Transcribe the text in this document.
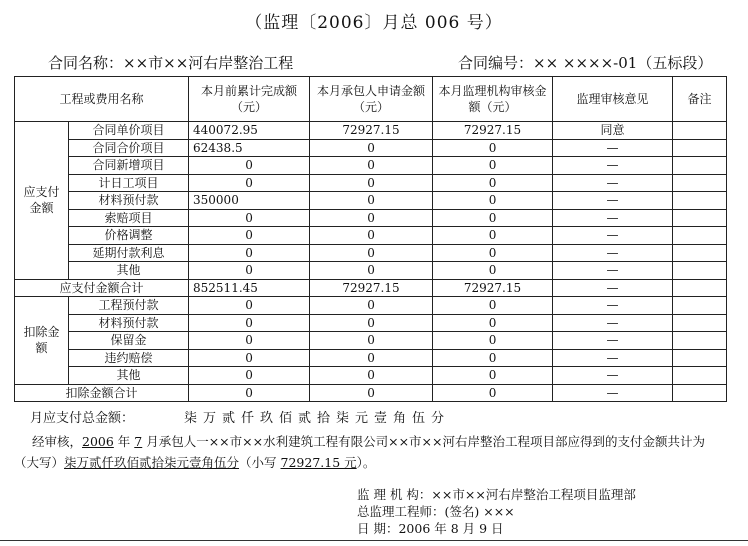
（监理〔2006〕月总 006 号）
合同名称：××市××河右岸整治工程	合同编号：×× ××××-01（五标段）
工程或费用名称		本月前累计完成额（元）	本月承包人申请金额（元）	本月监理机构审核金额（元）	监理审核意见	备注
应支付金额	合同单价项目	440072.95	72927.15	72927.15	同意	
	合同合价项目	62438.5	0	0	—	
	合同新增项目	0	0	0	—	
	计日工项目	0	0	0	—	
	材料预付款	350000	0	0	—	
	索赔项目	0	0	0	—	
	价格调整	0	0	0	—	
	延期付款利息	0	0	0	—	
	其他	0	0	0	—	
应支付金额合计		852511.45	72927.15	72927.15	—	
扣除金额	工程预付款	0	0	0	—	
	材料预付款	0	0	0	—	
	保留金	0	0	0	—	
	违约赔偿	0	0	0	—	
	其他	0	0	0	—	
扣除金额合计		0	0	0	—	
月应支付总金额：	柒万贰仟玖佰贰拾柒元壹角伍分
经审核，2006 年 7 月承包人一××市××水利建筑工程有限公司××市××河右岸整治工程项目部应得到的支付金额共计为（大写）柒万贰仟玖佰贰拾柒元壹角伍分（小写 72927.15 元）。
监 理 机 构：××市××河右岸整治工程项目监理部
总监理工程师：(签名) ×××
日 期：2006 年 8 月 9 日
